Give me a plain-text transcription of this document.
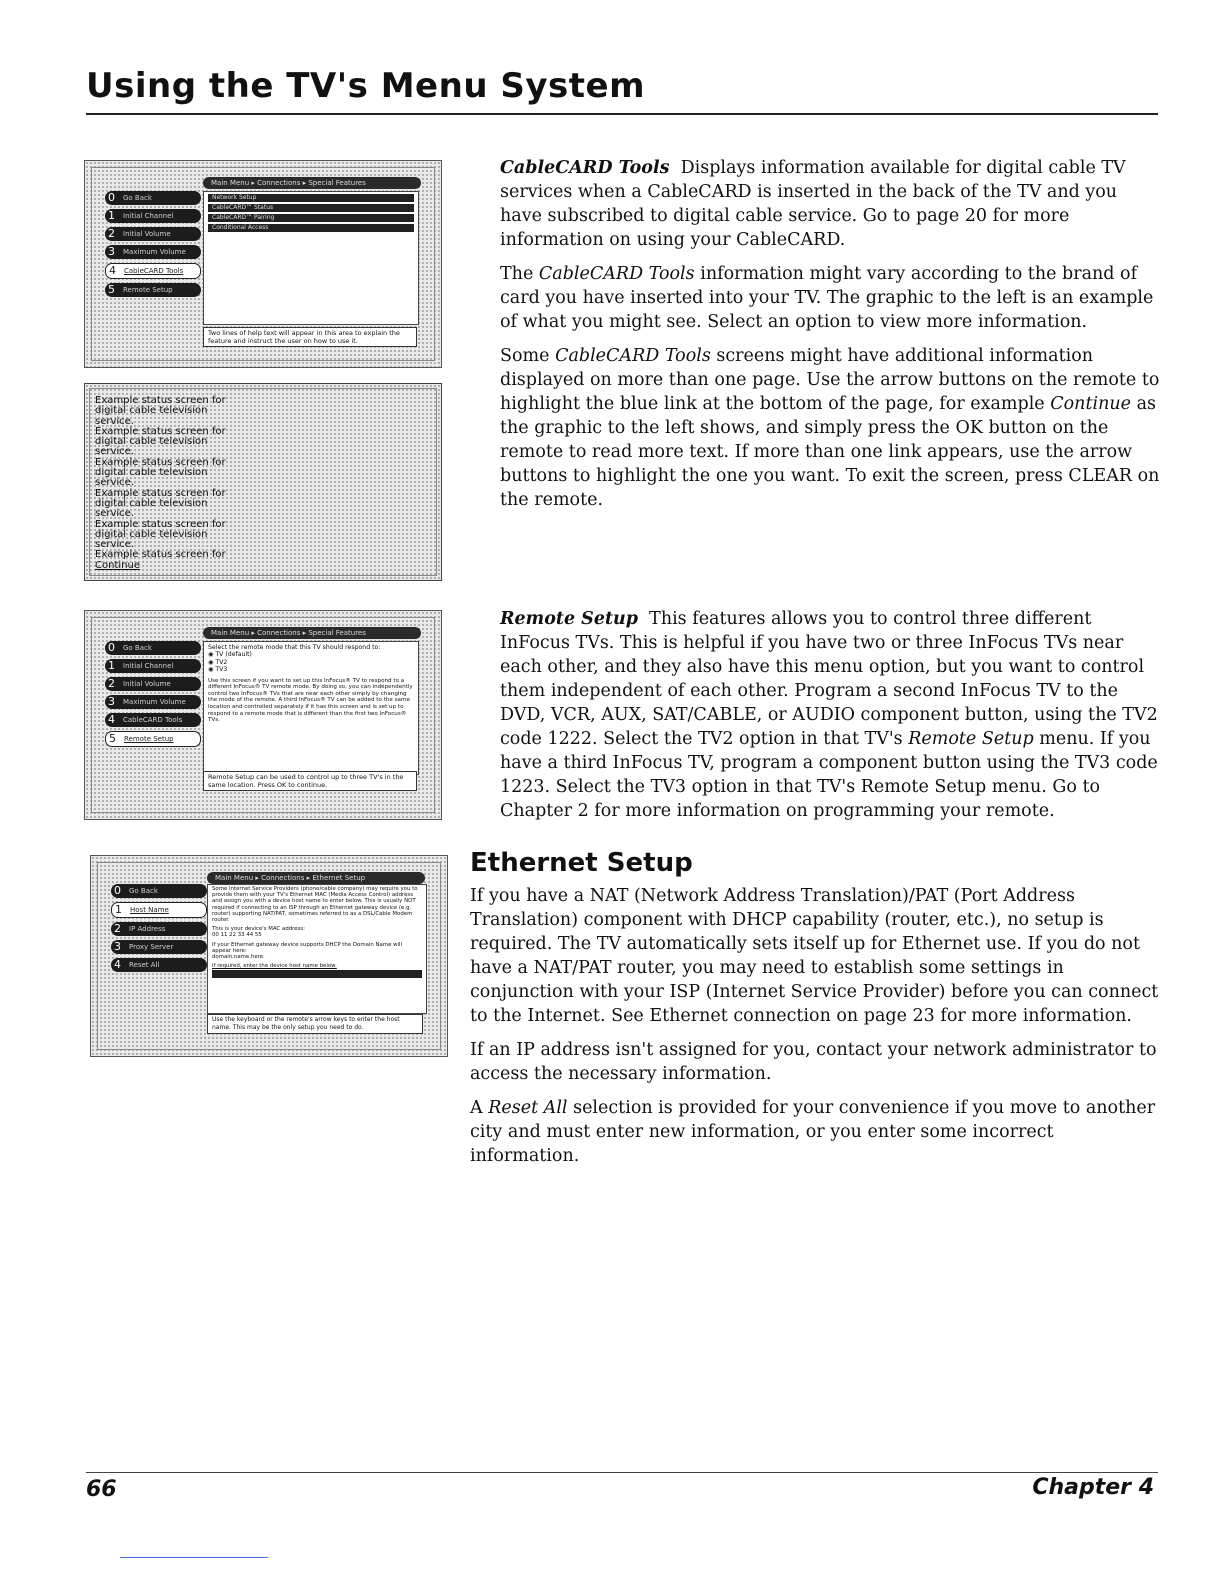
Using the TV's Menu System
Main Menu ▸ Connections ▸ Special Features
0 Go Back
1 Initial Channel
2 Initial Volume
3 Maximum Volume
4 CableCARD Tools
5 Remote Setup
Network Setup
CableCARD™ Status
CableCARD™ Pairing
Conditional Access
Two lines of help text will appear in this area to explain the feature and instruct the user on how to use it.
Example status screen for
digital cable television
service.
Example status screen for
digital cable television
service.
Example status screen for
digital cable television
service.
Example status screen for
digital cable television
service.
Example status screen for
digital cable television
service.
Example status screen for
Continue
Main Menu ▸ Connections ▸ Special Features
0 Go Back
1 Initial Channel
2 Initial Volume
3 Maximum Volume
4 CableCARD Tools
5 Remote Setup
Select the remote mode that this TV should respond to:
◉ TV (default)
◉ TV2
◉ TV3
Use this screen if you want to set up this InFocus® TV to respond to a different InFocus® TV remote mode. By doing so, you can independently control two InFocus® TVs that are near each other simply by changing the mode of the remote. A third InFocus® TV can be added to the same location and controlled separately if it has this screen and is set up to respond to a remote mode that is different than the first two InFocus® TVs.
Remote Setup can be used to control up to three TV's in the same location. Press OK to continue.
Main Menu ▸ Connections ▸ Ethernet Setup
0 Go Back
1 Host Name
2 IP Address
3 Proxy Server
4 Reset All
Some Internet Service Providers (phone/cable company) may require you to provide them with your TV's Ethernet MAC (Media Access Control) address and assign you with a device host name to enter below. This is usually NOT required if connecting to an ISP through an Ethernet gateway device (e.g. router) supporting NAT/PAT, sometimes referred to as a DSL/Cable Modem router.
This is your device's MAC address:
00 11 22 33 44 55
If your Ethernet gateway device supports DHCP the Domain Name will appear here:
domain.name.here.
If required, enter the device host name below.
Use the keyboard or the remote's arrow keys to enter the host name. This may be the only setup you need to do.

CableCARD Tools Displays information available for digital cable TV services when a CableCARD is inserted in the back of the TV and you have subscribed to digital cable service. Go to page 20 for more information on using your CableCARD.

The CableCARD Tools information might vary according to the brand of card you have inserted into your TV. The graphic to the left is an example of what you might see. Select an option to view more information.

Some CableCARD Tools screens might have additional information displayed on more than one page. Use the arrow buttons on the remote to highlight the blue link at the bottom of the page, for example Continue as the graphic to the left shows, and simply press the OK button on the remote to read more text. If more than one link appears, use the arrow buttons to highlight the one you want. To exit the screen, press CLEAR on the remote.

Remote Setup This features allows you to control three different InFocus TVs. This is helpful if you have two or three InFocus TVs near each other, and they also have this menu option, but you want to control them independent of each other. Program a second InFocus TV to the DVD, VCR, AUX, SAT/CABLE, or AUDIO component button, using the TV2 code 1222. Select the TV2 option in that TV's Remote Setup menu. If you have a third InFocus TV, program a component button using the TV3 code 1223. Select the TV3 option in that TV's Remote Setup menu. Go to Chapter 2 for more information on programming your remote.

Ethernet Setup

If you have a NAT (Network Address Translation)/PAT (Port Address Translation) component with DHCP capability (router, etc.), no setup is required. The TV automatically sets itself up for Ethernet use. If you do not have a NAT/PAT router, you may need to establish some settings in conjunction with your ISP (Internet Service Provider) before you can connect to the Internet. See Ethernet connection on page 23 for more information.

If an IP address isn't assigned for you, contact your network administrator to access the necessary information.

A Reset All selection is provided for your convenience if you move to another city and must enter new information, or you enter some incorrect information.

66	Chapter 4
